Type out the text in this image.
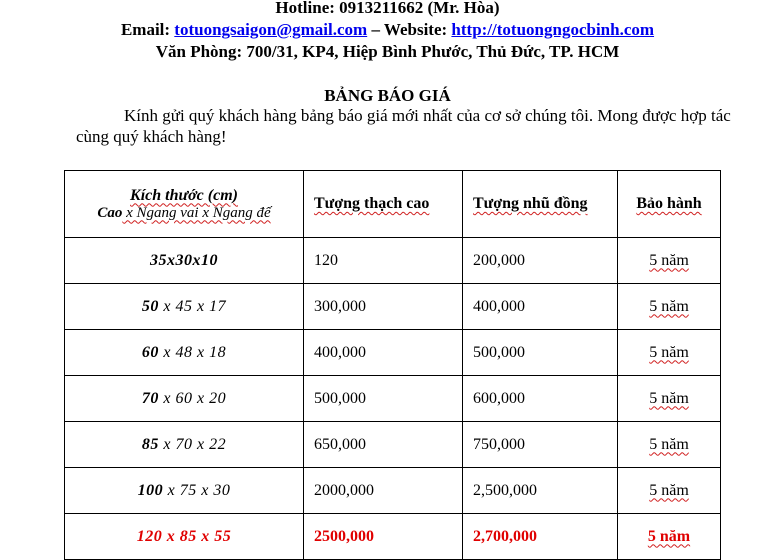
Hotline: 0913211662 (Mr. Hòa)
Email: totuongsaigon@gmail.com – Website: http://totuongngocbinh.com
Văn Phòng: 700/31, KP4, Hiệp Bình Phước, Thủ Đức, TP. HCM
BẢNG BÁO GIÁ
Kính gửi quý khách hàng bảng báo giá mới nhất của cơ sở chúng tôi. Mong được hợp tác cùng quý khách hàng!
Kích thước (cm)
Cao x Ngang vai x Ngang đế	Tượng thạch cao	Tượng nhũ đồng	Bảo hành
35x30x10	120	200,000	5 năm
50 x 45 x 17	300,000	400,000	5 năm
60 x 48 x 18	400,000	500,000	5 năm
70 x 60 x 20	500,000	600,000	5 năm
85 x 70 x 22	650,000	750,000	5 năm
100 x 75 x 30	2000,000	2,500,000	5 năm
120 x 85 x 55	2500,000	2,700,000	5 năm
